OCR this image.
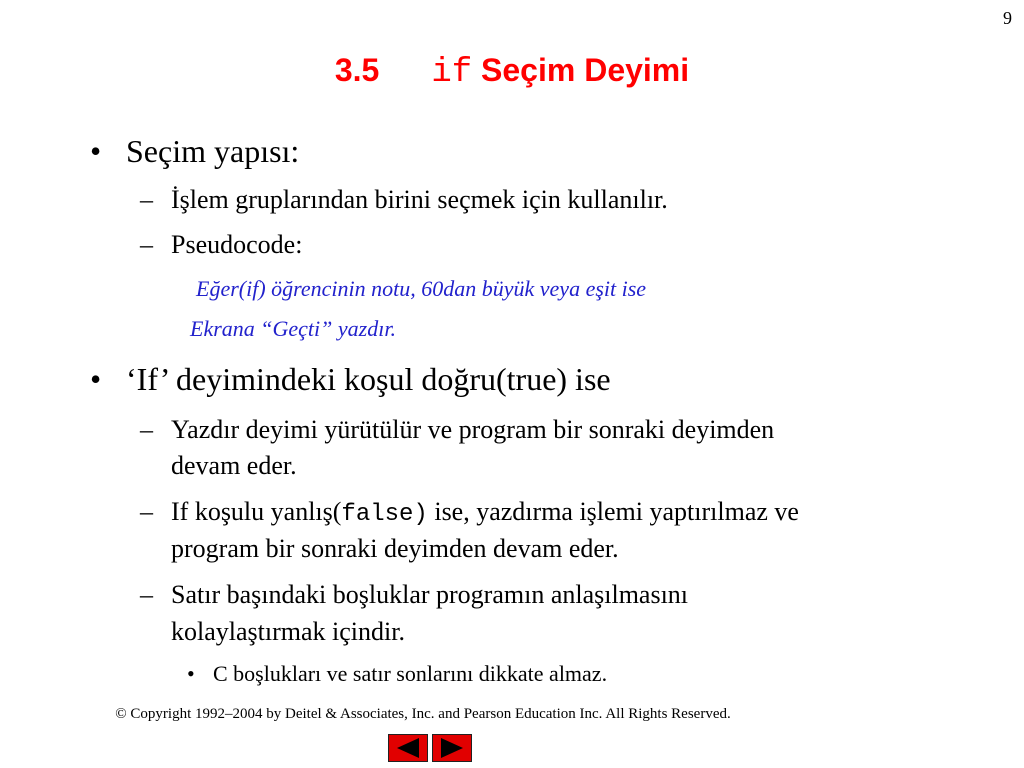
9
3.5 if Seçim Deyimi
• Seçim yapısı:
– İşlem gruplarından birini seçmek için kullanılır.
– Pseudocode:
Eğer(if) öğrencinin notu, 60dan büyük veya eşit ise
Ekrana “Geçti” yazdır.
• ‘If’ deyimindeki koşul doğru(true) ise
– Yazdır deyimi yürütülür ve program bir sonraki deyimden
devam eder.
– If koşulu yanlış(false) ise, yazdırma işlemi yaptırılmaz ve
program bir sonraki deyimden devam eder.
– Satır başındaki boşluklar programın anlaşılmasını
kolaylaştırmak içindir.
• C boşlukları ve satır sonlarını dikkate almaz.
© Copyright 1992–2004 by Deitel & Associates, Inc. and Pearson Education Inc. All Rights Reserved.
